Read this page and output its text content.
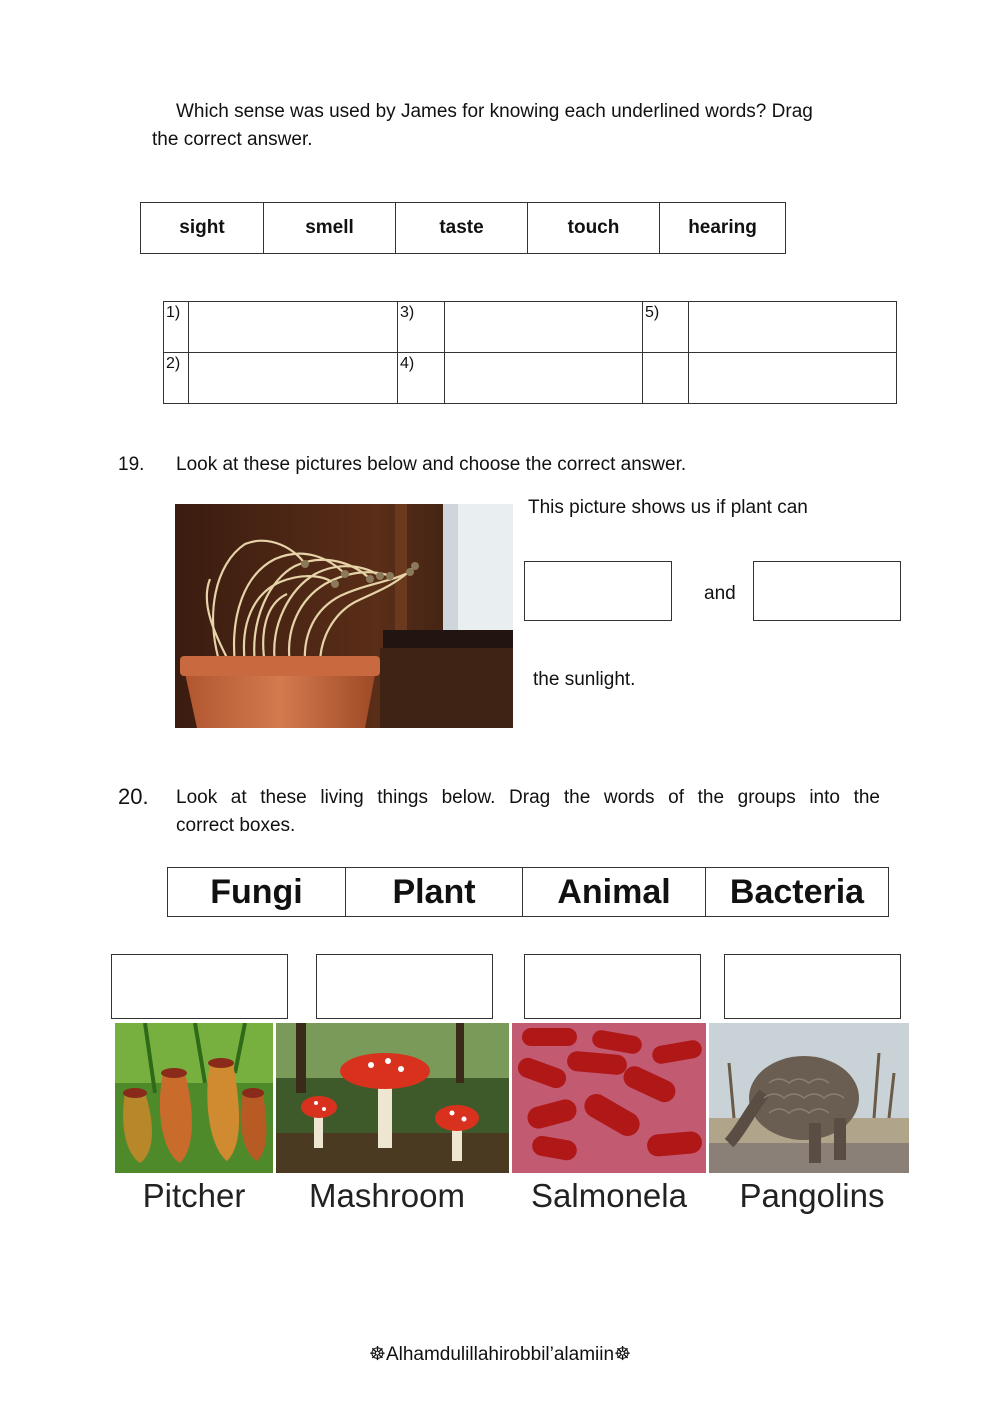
Which sense was used by James for knowing each underlined words? Drag
the correct answer.
sight	smell	taste	touch	hearing
1)		3)		5)	
2)		4)			
19. Look at these pictures below and choose the correct answer.
This picture shows us if plant can
and
the sunlight.
20. Look at these living things below. Drag the words of the groups into the
correct boxes.
Fungi	Plant	Animal	Bacteria
Pitcher	Mashroom	Salmonela	Pangolins
☸Alhamdulillahirobbil’alamiin☸
